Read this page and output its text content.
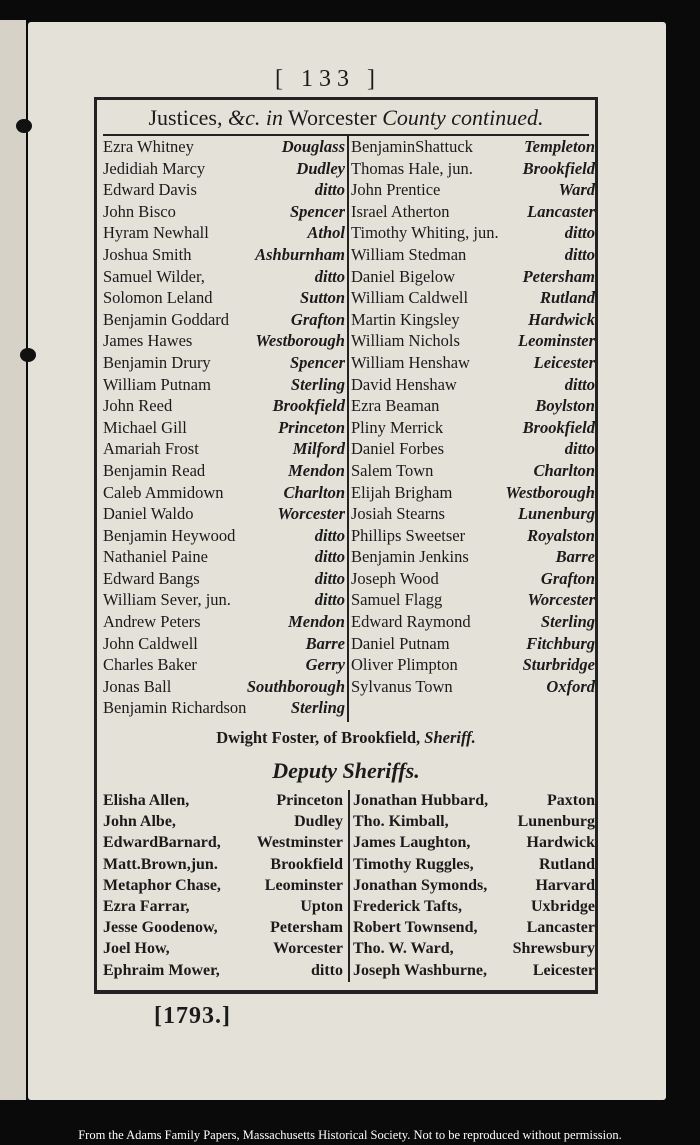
[ 133 ]
Justices, &c. in Worcester County continued.
Ezra Whitney	Douglass
Jedidiah Marcy	Dudley
Edward Davis	ditto
John Bisco	Spencer
Hyram Newhall	Athol
Joshua Smith	Ashburnham
Samuel Wilder,	ditto
Solomon Leland	Sutton
Benjamin Goddard	Grafton
James Hawes	Westborough
Benjamin Drury	Spencer
William Putnam	Sterling
John Reed	Brookfield
Michael Gill	Princeton
Amariah Frost	Milford
Benjamin Read	Mendon
Caleb Ammidown	Charlton
Daniel Waldo	Worcester
Benjamin Heywood	ditto
Nathaniel Paine	ditto
Edward Bangs	ditto
William Sever, jun.	ditto
Andrew Peters	Mendon
John Caldwell	Barre
Charles Baker	Gerry
Jonas Ball	Southborough
Benjamin Richardson	Sterling
BenjaminShattuck	Templeton
Thomas Hale, jun.	Brookfield
John Prentice	Ward
Israel Atherton	Lancaster
Timothy Whiting, jun.	ditto
William Stedman	ditto
Daniel Bigelow	Petersham
William Caldwell	Rutland
Martin Kingsley	Hardwick
William Nichols	Leominster
William Henshaw	Leicester
David Henshaw	ditto
Ezra Beaman	Boylston
Pliny Merrick	Brookfield
Daniel Forbes	ditto
Salem Town	Charlton
Elijah Brigham	Westborough
Josiah Stearns	Lunenburg
Phillips Sweetser	Royalston
Benjamin Jenkins	Barre
Joseph Wood	Grafton
Samuel Flagg	Worcester
Edward Raymond	Sterling
Daniel Putnam	Fitchburg
Oliver Plimpton	Sturbridge
Sylvanus Town	Oxford
Dwight Foster, of Brookfield, Sheriff.
Deputy Sheriffs.
Elisha Allen,	Princeton
John Albe,	Dudley
EdwardBarnard, Westminster
Matt.Brown,jun.	Brookfield
Metaphor Chase,	Leominster
Ezra Farrar,	Upton
Jesse Goodenow,	Petersham
Joel How,	Worcester
Ephraim Mower,	ditto
Jonathan Hubbard,	Paxton
Tho. Kimball,	Lunenburg
James Laughton,	Hardwick
Timothy Ruggles,	Rutland
Jonathan Symonds,	Harvard
Frederick Tafts,	Uxbridge
Robert Townsend,	Lancaster
Tho. W. Ward,	Shrewsbury
Joseph Washburne,	Leicester
[1793.]
From the Adams Family Papers, Massachusetts Historical Society. Not to be reproduced without permission.
